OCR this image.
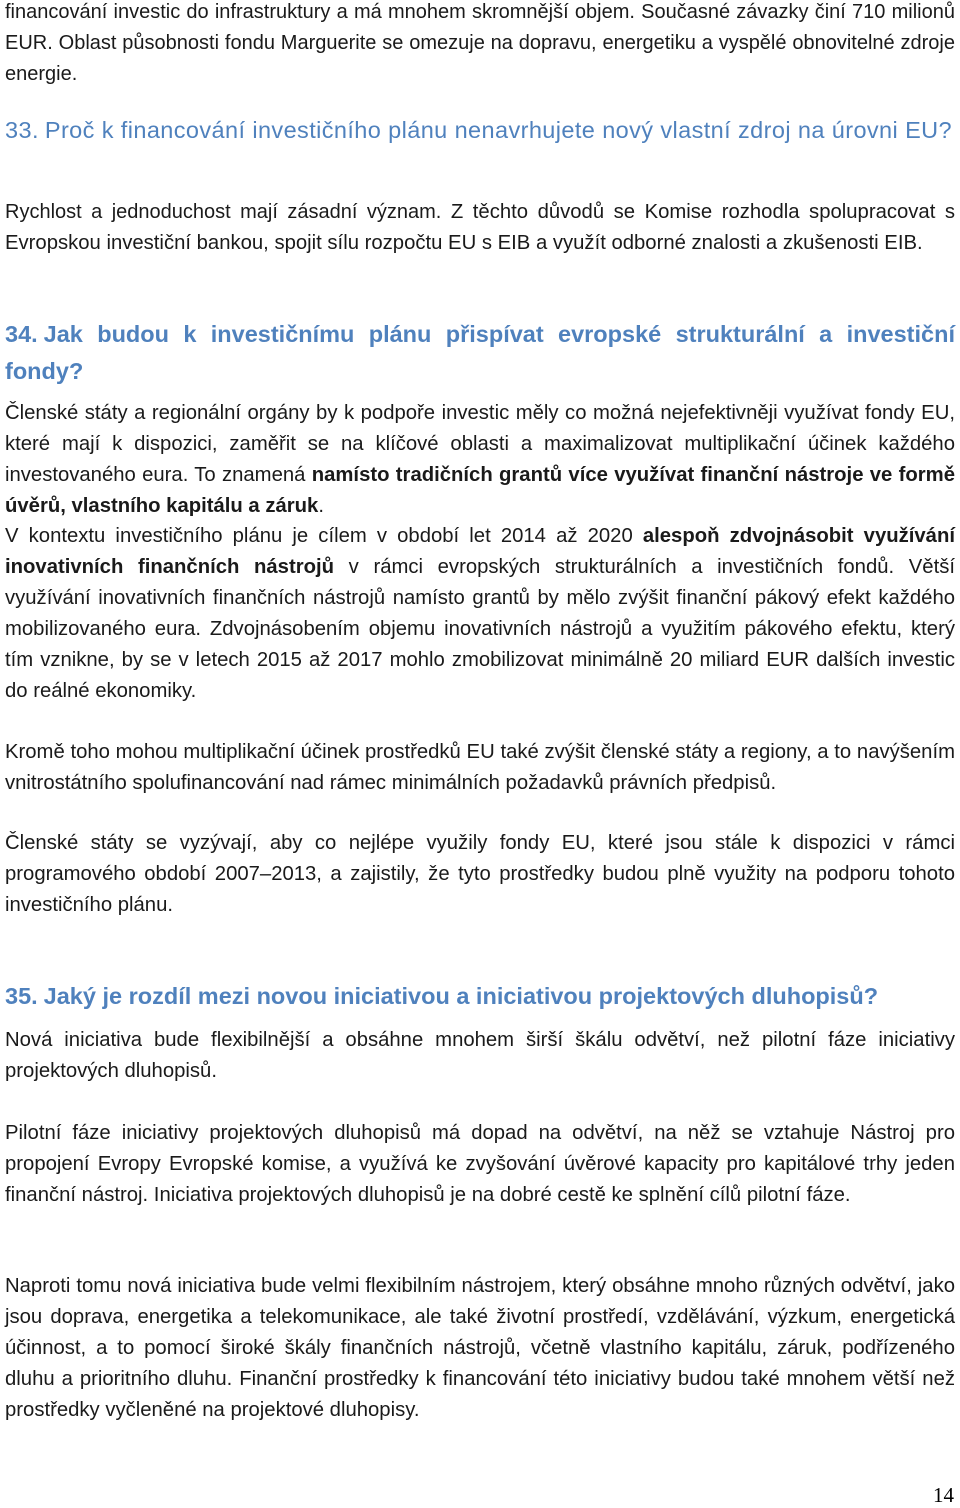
financování investic do infrastruktury a má mnohem skromnější objem. Současné závazky činí 710 milionů EUR. Oblast působnosti fondu Marguerite se omezuje na dopravu, energetiku a vyspělé obnovitelné zdroje energie.

33. Proč k financování investičního plánu nenavrhujete nový vlastní zdroj na úrovni EU?

Rychlost a jednoduchost mají zásadní význam. Z těchto důvodů se Komise rozhodla spolupracovat s Evropskou investiční bankou, spojit sílu rozpočtu EU s EIB a využít odborné znalosti a zkušenosti EIB.

34. Jak budou k investičnímu plánu přispívat evropské strukturální a investiční fondy?

Členské státy a regionální orgány by k podpoře investic měly co možná nejefektivněji využívat fondy EU, které mají k dispozici, zaměřit se na klíčové oblasti a maximalizovat multiplikační účinek každého investovaného eura. To znamená namísto tradičních grantů více využívat finanční nástroje ve formě úvěrů, vlastního kapitálu a záruk.

V kontextu investičního plánu je cílem v období let 2014 až 2020 alespoň zdvojnásobit využívání inovativních finančních nástrojů v rámci evropských strukturálních a investičních fondů. Větší využívání inovativních finančních nástrojů namísto grantů by mělo zvýšit finanční pákový efekt každého mobilizovaného eura. Zdvojnásobením objemu inovativních nástrojů a využitím pákového efektu, který tím vznikne, by se v letech 2015 až 2017 mohlo zmobilizovat minimálně 20 miliard EUR dalších investic do reálné ekonomiky.

Kromě toho mohou multiplikační účinek prostředků EU také zvýšit členské státy a regiony, a to navýšením vnitrostátního spolufinancování nad rámec minimálních požadavků právních předpisů.

Členské státy se vyzývají, aby co nejlépe využily fondy EU, které jsou stále k dispozici v rámci programového období 2007–2013, a zajistily, že tyto prostředky budou plně využity na podporu tohoto investičního plánu.

35. Jaký je rozdíl mezi novou iniciativou a iniciativou projektových dluhopisů?

Nová iniciativa bude flexibilnější a obsáhne mnohem širší škálu odvětví, než pilotní fáze iniciativy projektových dluhopisů.

Pilotní fáze iniciativy projektových dluhopisů má dopad na odvětví, na něž se vztahuje Nástroj pro propojení Evropy Evropské komise, a využívá ke zvyšování úvěrové kapacity pro kapitálové trhy jeden finanční nástroj. Iniciativa projektových dluhopisů je na dobré cestě ke splnění cílů pilotní fáze.

Naproti tomu nová iniciativa bude velmi flexibilním nástrojem, který obsáhne mnoho různých odvětví, jako jsou doprava, energetika a telekomunikace, ale také životní prostředí, vzdělávání, výzkum, energetická účinnost, a to pomocí široké škály finančních nástrojů, včetně vlastního kapitálu, záruk, podřízeného dluhu a prioritního dluhu. Finanční prostředky k financování této iniciativy budou také mnohem větší než prostředky vyčleněné na projektové dluhopisy.

14
